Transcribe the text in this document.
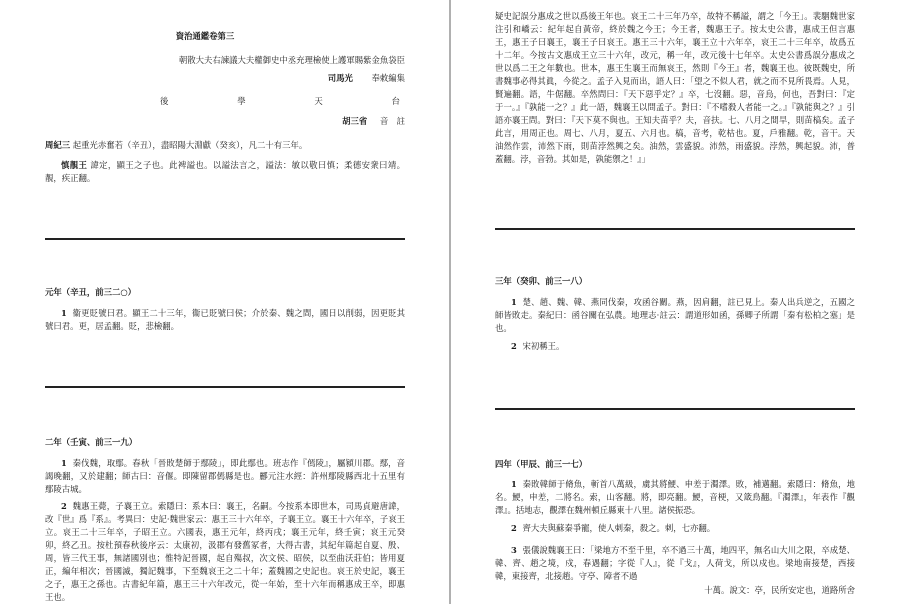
資治通鑑卷第三
朝散大夫右諫議大夫權御史中丞充理檢使上護軍賜紫金魚袋臣
司馬光 奉敕編集
後	學	天	台
胡三省 音　註
周紀三 起重光赤奮若（辛丑），盡昭陽大淵獻（癸亥），凡二十有三年。
慎靚王 諱定，顯王之子也。此裨謚也。以謚法言之，謚法：敏以敬曰慎；柔德安衆曰靖。靚，疾正翻。
元年（辛丑，前三二○）
1 衞更貶號曰君。顯王二十三年，衞已貶號曰侯；介於秦、魏之間，國日以削弱，因更貶其號曰君。更，居孟翻。貶，悲檢翻。
二年（壬寅、前三一九）
1 秦伐魏，取鄢。春秋「晉敗楚師于鄢陵」，即此鄢也。班志作『傿陵』，屬潁川郡。鄢，音謁晚翻，又於建翻；師古曰：音偃。即陳留郡傿縣是也。酈元注水經：許州鄢陵縣西北十五里有鄢陵古城。
2 魏惠王薨，子襄王立。索隱曰：系本曰：襄王，名嗣。今按系本即世本，司馬貞避唐諱，改『世』爲『系』。考異曰：史記·魏世家云：惠王三十六年卒，子襄王立。襄王十六年卒，子哀王立。哀王二十三年卒，子昭王立。六國表，惠王元年，終丙戌；襄王元年，終壬寅；哀王元癸卯，終乙丑。按杜預春秋後序云：太康初，汲郡有發舊冢者，大得古書，其紀年篇起自夏、殷、周，皆三代王事，無諸國別也；惟特記晉國，起自殤叔，次文侯、昭侯，以至曲沃莊伯；皆用夏正，編年相次；晉國滅，獨記魏事，下至魏哀王之二十年；蓋魏國之史記也。哀王於史記，襄王之子，惠王之孫也。古書紀年篇，惠王三十六年改元，從一年始，至十六年而稱惠成王卒，即惠王也。
疑史記誤分惠成之世以爲後王年也。哀王二十三年乃卒，故特不稱謚，謂之「今王」。裴駰魏世家注引和嶠云：紀年起自黃帝，終於魏之今王；今王者，魏惠王子。按太史公書，惠成王但言惠王，惠王子曰襄王，襄王子曰哀王。惠王三十六年，襄王立十六年卒，哀王二十三年卒，故爲五十二年。今按古文惠成王立三十六年，改元，稱一年，改元後十七年卒。太史公書爲誤分惠成之世以爲二王之年數也。世本，惠王生襄王而無哀王，然則『今王』者，魏襄王也。彼既魏史，所書魏事必得其眞，今從之。孟子入見而出，語人曰：「望之不似人君，就之而不見所畏焉。人見，賢遍翻。語，牛倨翻。卒然問曰：『天下惡乎定？』卒，七沒翻。惡，音烏，何也，吾對曰：『定于一。』『孰能一之？』此一語，魏襄王以問孟子。對曰：『不嗜殺人者能一之。』『孰能與之？』引語亦襄王問。對曰：『天下莫不與也。王知夫苗乎？夫，音扶。七、八月之間旱，則苗槁矣。孟子此言，用周正也。周七、八月，夏五、六月也。槁，音考，乾枯也。夏，戶雅翻。乾，音干。天油然作雲，沛然下雨，則苗浡然興之矣。油然，雲盛貌。沛然，雨盛貌。浡然，興起貌。沛，普蓋翻。浡，音勃。其如是，孰能禦之！』」
三年（癸卯、前三一八）
1 楚、趙、魏、韓、燕同伐秦，攻函谷關。燕，因肩翻，註已見上。秦人出兵逆之，五國之師皆敗走。秦紀曰：函谷關在弘農。地理志·註云：謂道形如函，孫卿子所謂「秦有松柏之塞」是也。
2 宋初稱王。
四年（甲辰、前三一七）
1 秦敗韓師于脩魚，斬首八萬級，虜其將鯁、申差于濁澤。敗，補邁翻。索隱曰：脩魚，地名。鯁，申差，二將名。索，山客翻。將，即亮翻。鯁，音梗，又箴鳥翻。『濁澤』，年表作『觀澤』。括地志，觀澤在魏州頓丘縣東十八里。諸侯振恐。
2 齊大夫與蘇秦爭寵，使人刺秦，殺之。刺，七亦翻。
3 張儀說魏襄王曰：「梁地方不至千里，卒不過三十萬，地四平，無名山大川之限，卒成楚、韓、齊、趙之境，戍，春遇翻；字從『人』，從『戈』，人荷戈，所以戍也。梁地南接楚，西接韓，東接齊，北接趙。守亭、障者不過
十萬。說文：亭，民所安定也，道路所舍
